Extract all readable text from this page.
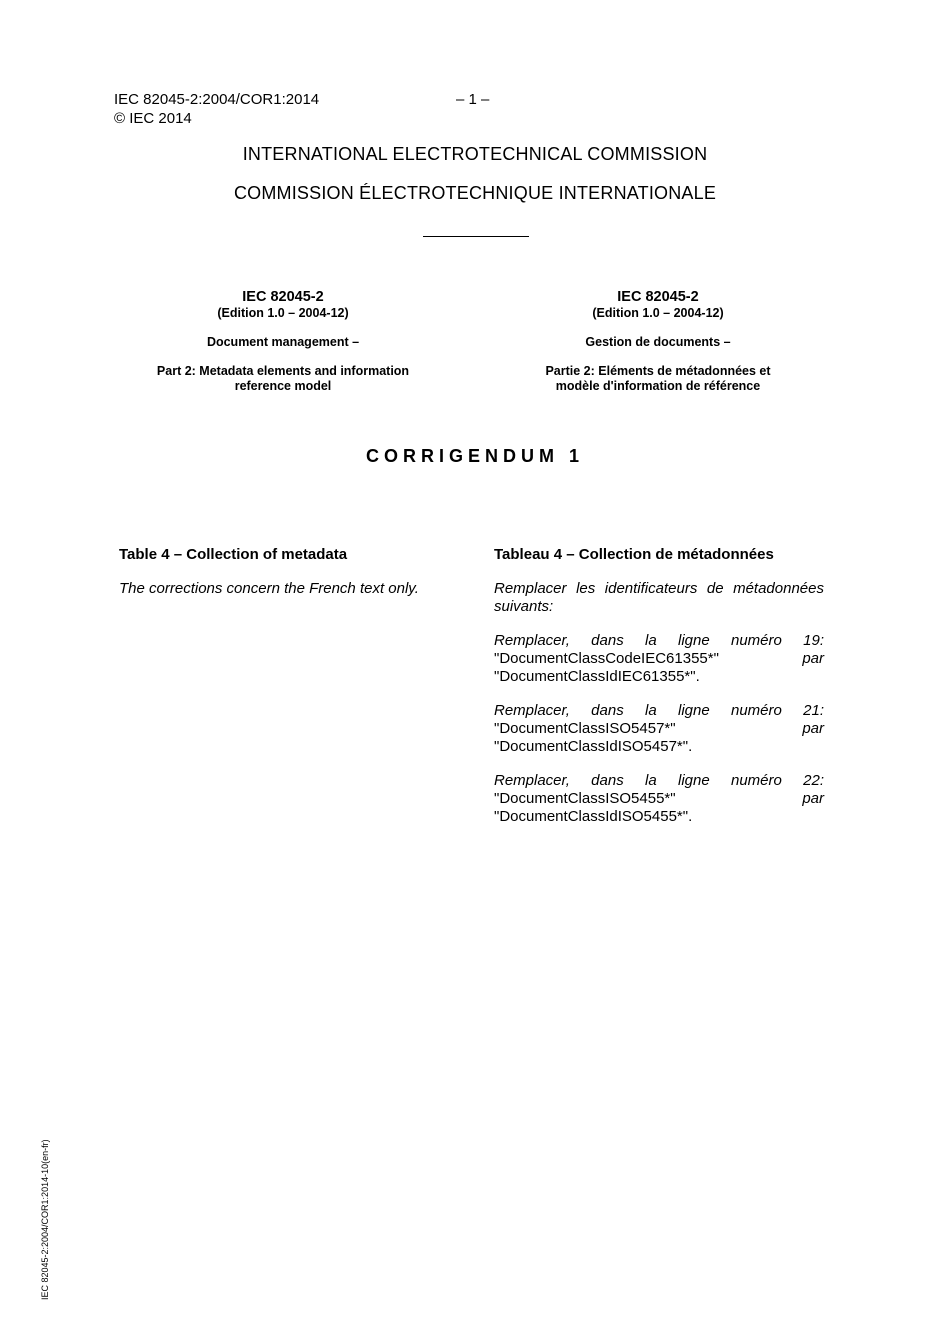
IEC 82045-2:2004/COR1:2014
© IEC 2014
– 1 –
INTERNATIONAL ELECTROTECHNICAL COMMISSION
COMMISSION ÉLECTROTECHNIQUE INTERNATIONALE
IEC 82045-2
(Edition 1.0 – 2004-12)
Document management –
Part 2: Metadata elements and information
reference model
IEC 82045-2
(Edition 1.0 – 2004-12)
Gestion de documents –
Partie 2: Eléments de métadonnées et
modèle d'information de référence
CORRIGENDUM 1
Table 4 – Collection of metadata

The corrections concern the French text only.

Tableau 4 – Collection de métadonnées

Remplacer les identificateurs de métadonnées suivants:

Remplacer, dans la ligne numéro 19:
"DocumentClassCodeIEC61355*"	par
"DocumentClassIdIEC61355*".
Remplacer, dans la ligne numéro 21:
"DocumentClassISO5457*"	par
"DocumentClassIdISO5457*".
Remplacer, dans la ligne numéro 22:
"DocumentClassISO5455*"	par
"DocumentClassIdISO5455*".
IEC 82045-2:2004/COR1:2014-10(en-fr)
